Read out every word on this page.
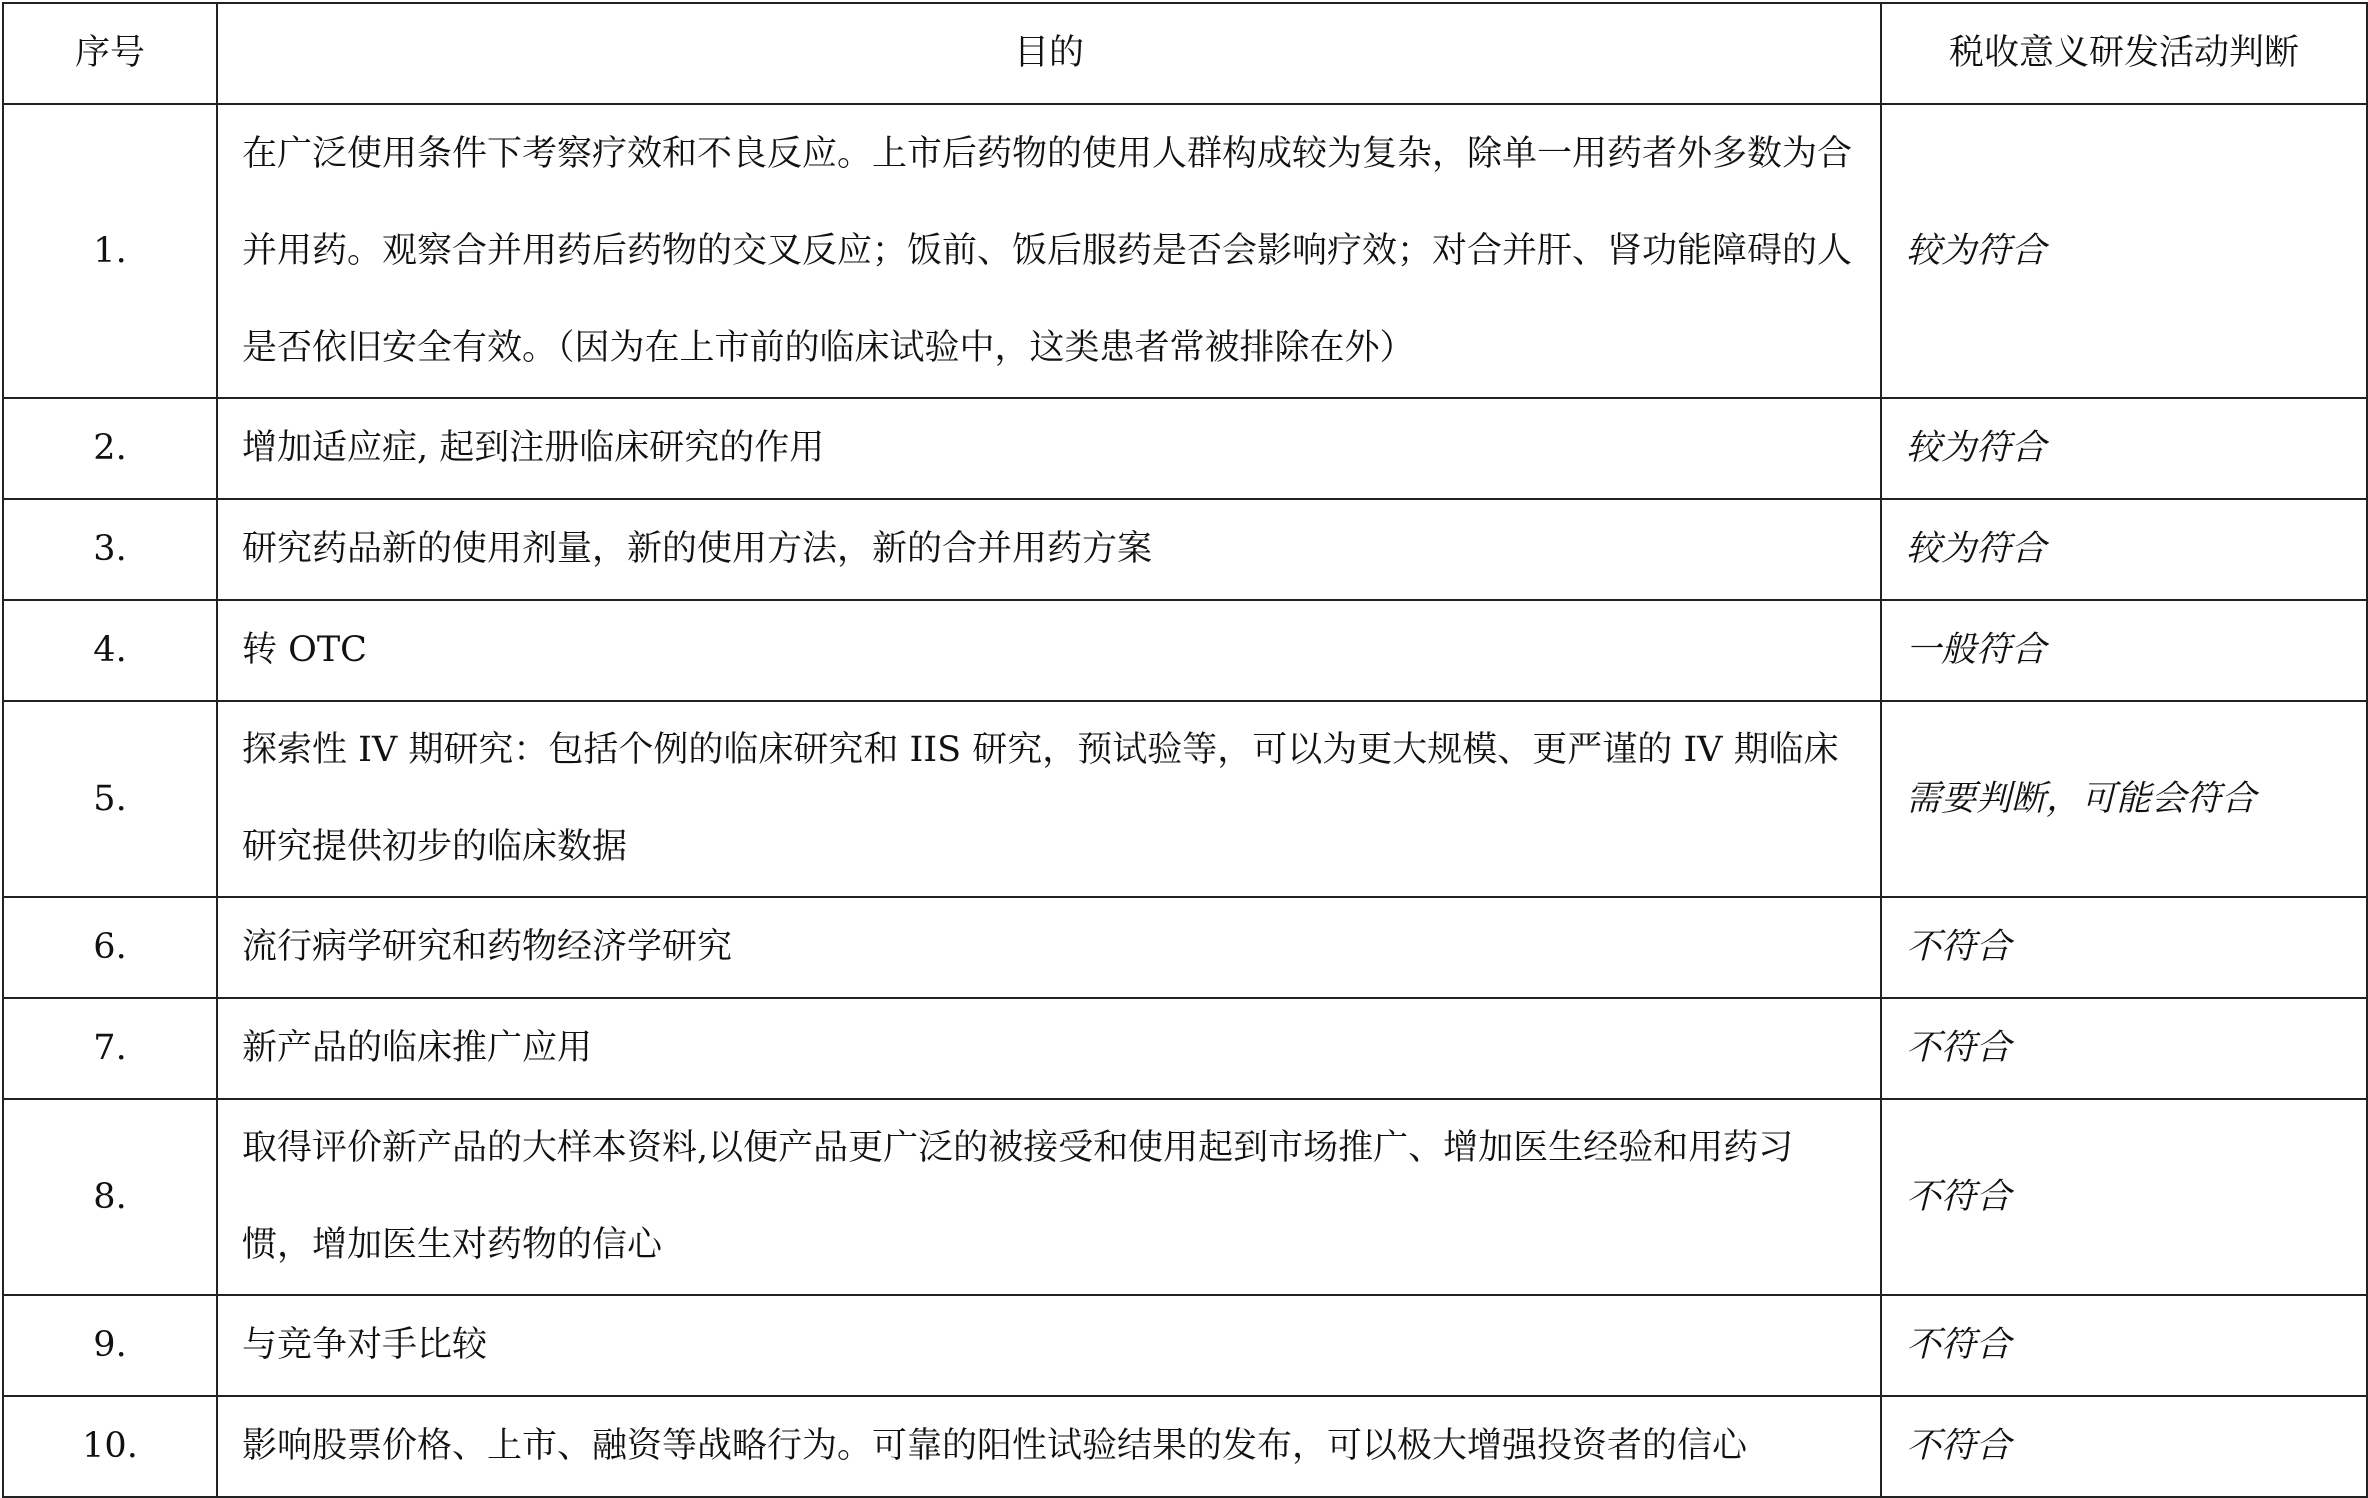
序号	目的	税收意义研发活动判断
1.	在广泛使用条件下考察疗效和不良反应。上市后药物的使用人群构成较为复杂，除单一用药者外多数为合并用药。观察合并用药后药物的交叉反应；饭前、饭后服药是否会影响疗效；对合并肝、肾功能障碍的人是否依旧安全有效。（因为在上市前的临床试验中，这类患者常被排除在外）	较为符合
2.	增加适应症, 起到注册临床研究的作用	较为符合
3.	研究药品新的使用剂量，新的使用方法，新的合并用药方案	较为符合
4.	转 OTC	一般符合
5.	探索性 IV 期研究：包括个例的临床研究和 IIS 研究，预试验等，可以为更大规模、更严谨的 IV 期临床研究提供初步的临床数据	需要判断，可能会符合
6.	流行病学研究和药物经济学研究	不符合
7.	新产品的临床推广应用	不符合
8.	取得评价新产品的大样本资料,以便产品更广泛的被接受和使用起到市场推广、增加医生经验和用药习惯，增加医生对药物的信心	不符合
9.	与竞争对手比较	不符合
10.	影响股票价格、上市、融资等战略行为。可靠的阳性试验结果的发布，可以极大增强投资者的信心	不符合
